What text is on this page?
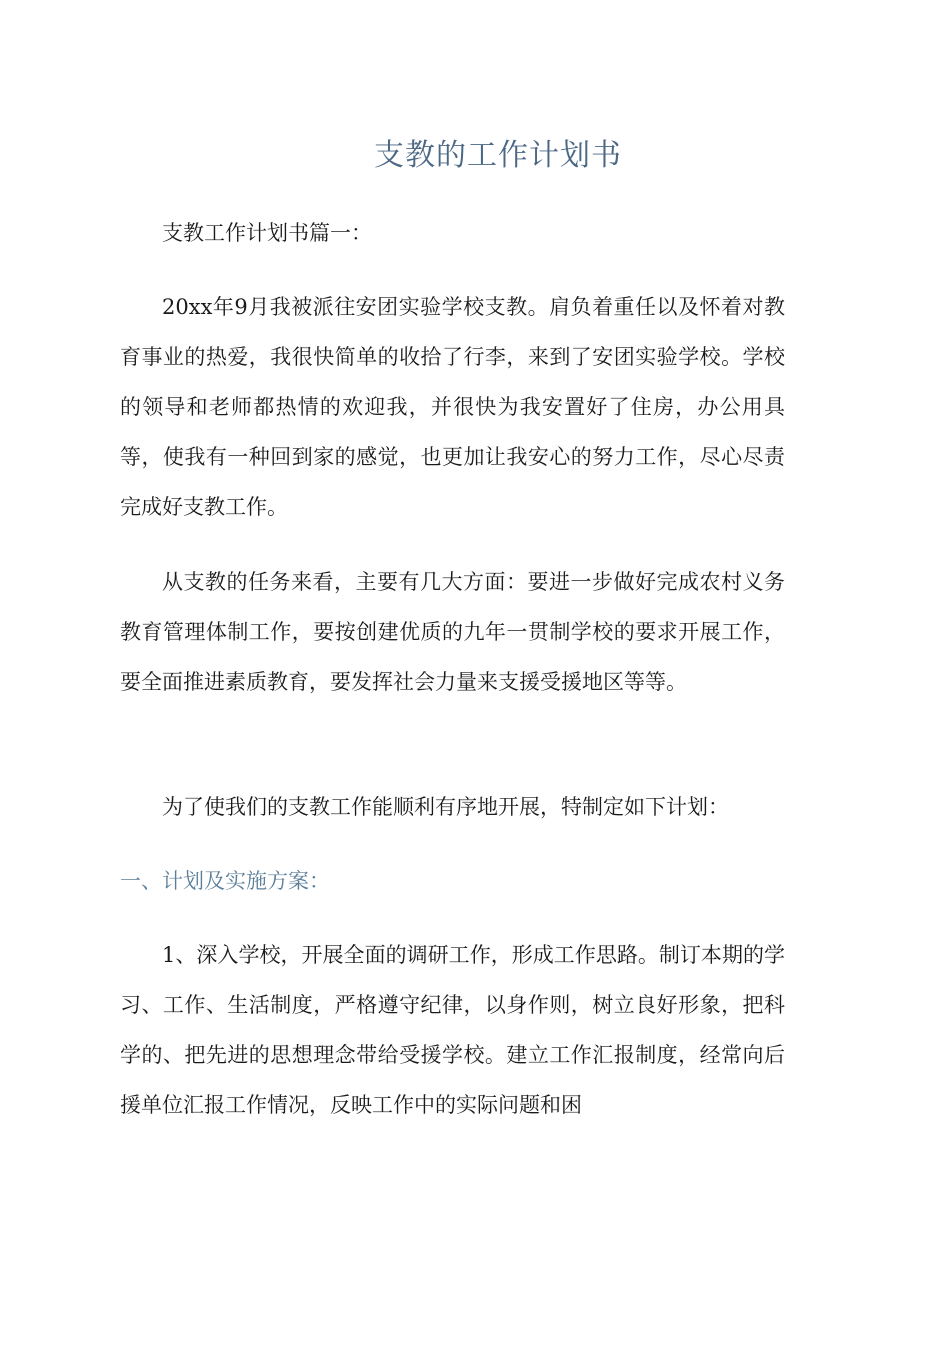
支教的工作计划书

支教工作计划书篇一：

20xx年9月我被派往安团实验学校支教。肩负着重任以及怀着对教育事业的热爱，我很快简单的收拾了行李，来到了安团实验学校。学校的领导和老师都热情的欢迎我，并很快为我安置好了住房，办公用具等，使我有一种回到家的感觉，也更加让我安心的努力工作，尽心尽责完成好支教工作。

从支教的任务来看，主要有几大方面：要进一步做好完成农村义务教育管理体制工作，要按创建优质的九年一贯制学校的要求开展工作，要全面推进素质教育，要发挥社会力量来支援受援地区等等。

为了使我们的支教工作能顺利有序地开展，特制定如下计划：

一、计划及实施方案：

1、深入学校，开展全面的调研工作，形成工作思路。制订本期的学习、工作、生活制度，严格遵守纪律，以身作则，树立良好形象，把科学的、把先进的思想理念带给受援学校。建立工作汇报制度，经常向后援单位汇报工作情况，反映工作中的实际问题和困
